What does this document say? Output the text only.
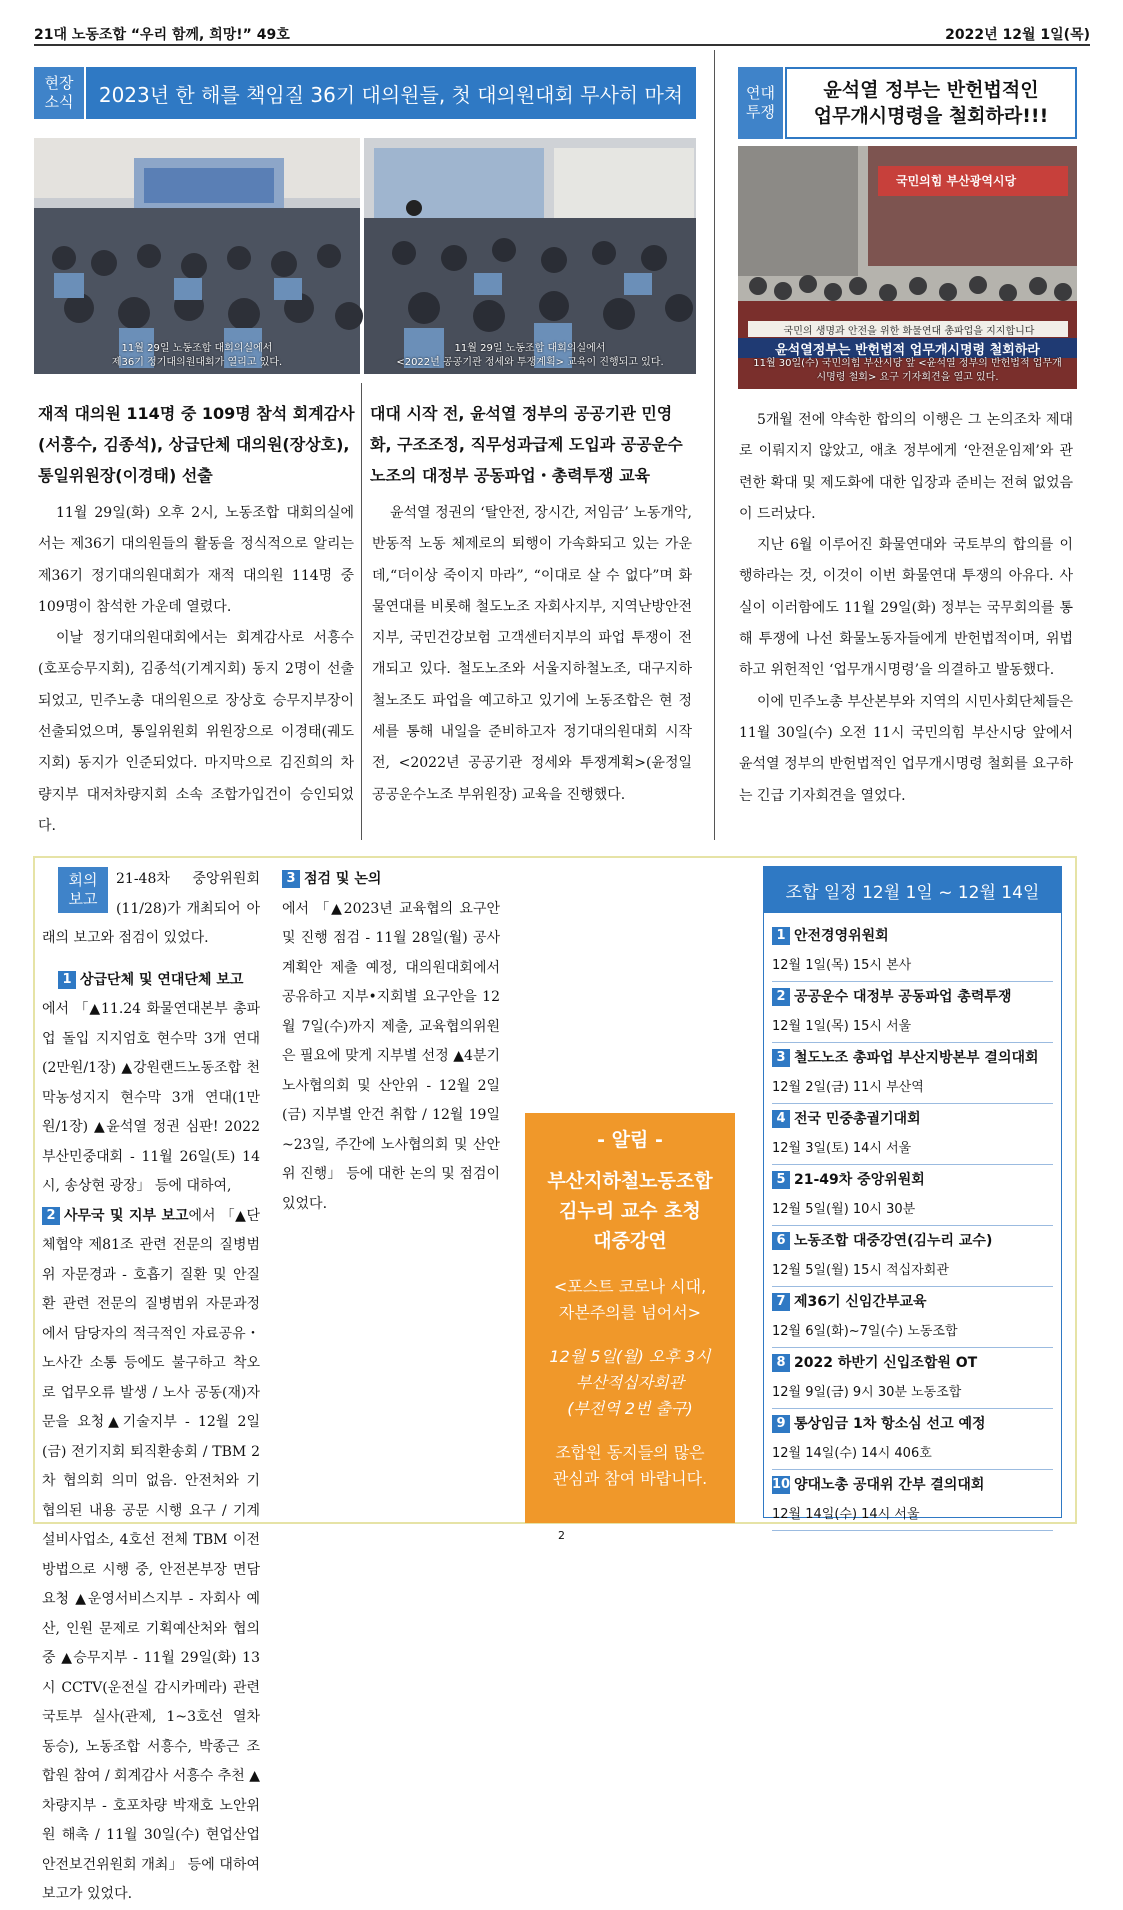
21대 노동조합 “우리 함께, 희망!” 49호	2022년 12월 1일(목)
현장
소식	2023년 한 해를 책임질 36기 대의원들, 첫 대의원대회 무사히 마쳐
11월 29일 노동조합 대회의실에서
제36기 정기대의원대회가 열리고 있다.
11월 29일 노동조합 대회의실에서
<2022년 공공기관 정세와 투쟁계획> 교육이 진행되고 있다.
재적 대의원 114명 중 109명 참석 회계감사(서흥수, 김종석), 상급단체 대의원(장상호), 통일위원장(이경태) 선출

11월 29일(화) 오후 2시, 노동조합 대회의실에서는 제36기 대의원들의 활동을 정식적으로 알리는 제36기 정기대의원대회가 재적 대의원 114명 중 109명이 참석한 가운데 열렸다.

이날 정기대의원대회에서는 회계감사로 서흥수(호포승무지회), 김종석(기계지회) 동지 2명이 선출되었고, 민주노총 대의원으로 장상호 승무지부장이 선출되었으며, 통일위원회 위원장으로 이경태(궤도지회) 동지가 인준되었다. 마지막으로 김진희의 차량지부 대저차량지회 소속 조합가입건이 승인되었다.

대대 시작 전, 윤석열 정부의 공공기관 민영화, 구조조정, 직무성과급제 도입과 공공운수노조의 대정부 공동파업・총력투쟁 교육

윤석열 정권의 ‘탈안전, 장시간, 저임금’ 노동개악, 반동적 노동 체제로의 퇴행이 가속화되고 있는 가운데,“더이상 죽이지 마라”, “이대로 살 수 없다”며 화물연대를 비롯해 철도노조 자회사지부, 지역난방안전지부, 국민건강보험 고객센터지부의 파업 투쟁이 전개되고 있다. 철도노조와 서울지하철노조, 대구지하철노조도 파업을 예고하고 있기에 노동조합은 현 정세를 통해 내일을 준비하고자 정기대의원대회 시작 전, <2022년 공공기관 정세와 투쟁계획>(윤정일 공공운수노조 부위원장) 교육을 진행했다.

연대
투쟁
윤석열 정부는 반헌법적인
업무개시명령을 철회하라!!!
국민의힘 부산광역시당
국민의 생명과 안전을 위한 화물연대 총파업을 지지합니다
윤석열정부는 반헌법적 업무개시명령 철회하라
11월 30일(수) 국민의힘 부산시당 앞 <윤석열 정부의 반헌법적 업무개
시명령 철회> 요구 기자회견을 열고 있다.

5개월 전에 약속한 합의의 이행은 그 논의조차 제대로 이뤄지지 않았고, 애초 정부에게 ‘안전운임제’와 관련한 확대 및 제도화에 대한 입장과 준비는 전혀 없었음이 드러났다.

지난 6월 이루어진 화물연대와 국토부의 합의를 이행하라는 것, 이것이 이번 화물연대 투쟁의 아유다. 사실이 이러함에도 11월 29일(화) 정부는 국무회의를 통해 투쟁에 나선 화물노동자들에게 반헌법적이며, 위법하고 위헌적인 ‘업무개시명령’을 의결하고 발동했다.

이에 민주노총 부산본부와 지역의 시민사회단체들은 11월 30일(수) 오전 11시 국민의힘 부산시당 앞에서 윤석열 정부의 반헌법적인 업무개시명령 철회를 요구하는 긴급 기자회견을 열었다.

회의
보고
21-48차 중앙위원회(11/28)가 개최되어 아래의 보고와 점검이 있었다.
1 상급단체 및 연대단체 보고
에서 「▲11.24 화물연대본부 총파업 돌입 지지엄호 현수막 3개 연대(2만원/1장) ▲강원랜드노동조합 천막농성지지 현수막 3개 연대(1만원/1장) ▲윤석열 정권 심판! 2022 부산민중대회 - 11월 26일(토) 14시, 송상현 광장」 등에 대하여,
2 사무국 및 지부 보고에서 「▲단체협약 제81조 관련 전문의 질병범위 자문경과 - 호흡기 질환 및 안질환 관련 전문의 질병범위 자문과정에서 담당자의 적극적인 자료공유・노사간 소통 등에도 불구하고 착오로 업무오류 발생 / 노사 공동(재)자문을 요청▲기술지부 - 12월 2일(금) 전기지회 퇴직환송회 / TBM 2차 협의회 의미 없음. 안전처와 기 협의된 내용 공문 시행 요구 / 기계설비사업소, 4호선 전체 TBM 이전 방법으로 시행 중, 안전본부장 면담 요청 ▲운영서비스지부 - 자회사 예산, 인원 문제로 기획예산처와 협의 중 ▲승무지부 - 11월 29일(화) 13시 CCTV(운전실 감시카메라) 관련 국토부 실사(관제, 1~3호선 열차 동승), 노동조합 서흥수, 박종근 조합원 참여 / 회계감사 서흥수 추천 ▲차량지부 - 호포차량 박재호 노안위원 해촉 / 11월 30일(수) 현업산업안전보건위원회 개최」 등에 대하여 보고가 있었다.
3 점검 및 논의
에서 「▲2023년 교육협의 요구안 및 진행 점검 - 11월 28일(월) 공사계획안 제출 예정, 대의원대회에서 공유하고 지부•지회별 요구안을 12월 7일(수)까지 제출, 교육협의위원은 필요에 맞게 지부별 선정 ▲4분기 노사협의회 및 산안위 - 12월 2일(금) 지부별 안건 취합 / 12월 19일~23일, 주간에 노사협의회 및 산안위 진행」 등에 대한 논의 및 점검이 있었다.
- 알림 -
부산지하철노동조합
김누리 교수 초청
대중강연
<포스트 코로나 시대,
자본주의를 넘어서>
12월 5일(월) 오후 3시
부산적십자회관
(부전역 2번 출구)
조합원 동지들의 많은
관심과 참여 바랍니다.
조합 일정 12월 1일 ~ 12월 14일
1 안전경영위원회
12월 1일(목) 15시 본사
2 공공운수 대정부 공동파업 총력투쟁
12월 1일(목) 15시 서울
3 철도노조 총파업 부산지방본부 결의대회
12월 2일(금) 11시 부산역
4 전국 민중총궐기대회
12월 3일(토) 14시 서울
5 21-49차 중앙위원회
12월 5일(월) 10시 30분
6 노동조합 대중강연(김누리 교수)
12월 5일(월) 15시 적십자회관
7 제36기 신임간부교육
12월 6일(화)~7일(수) 노동조합
8 2022 하반기 신입조합원 OT
12월 9일(금) 9시 30분 노동조합
9 통상임금 1차 항소심 선고 예정
12월 14일(수) 14시 406호
10 양대노총 공대위 간부 결의대회
12월 14일(수) 14시 서울
2
